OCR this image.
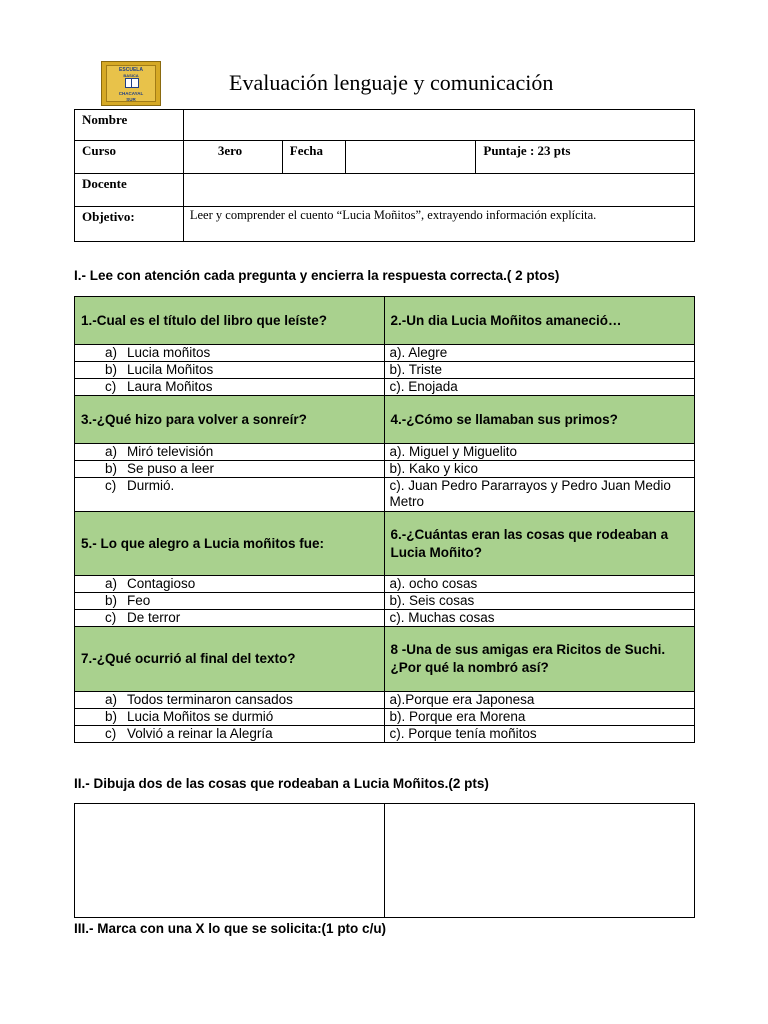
ESCUELA
BASICA
CHACAYAL
SUR
Evaluación lenguaje y comunicación
Nombre				
Curso	3ero	Fecha		Puntaje : 23 pts
Docente				
Objetivo:	Leer y comprender el cuento “Lucia Moñitos”, extrayendo información explícita.			
I.- Lee con atención cada pregunta y encierra la respuesta correcta.( 2 ptos)
1.-Cual es el título del libro que leíste?	2.-Un dia Lucia Moñitos amaneció…
a) Lucia moñitos	a). Alegre
b) Lucila Moñitos	b). Triste
c) Laura Moñitos	c). Enojada
3.-¿Qué hizo para volver a sonreír?	4.-¿Cómo se llamaban sus primos?
a) Miró televisión	a). Miguel y Miguelito
b) Se puso a leer	b). Kako y kico
c) Durmió.	c). Juan Pedro Pararrayos y Pedro Juan Medio Metro
5.- Lo que alegro a Lucia moñitos fue:	6.-¿Cuántas eran las cosas que rodeaban a Lucia Moñito?
a) Contagioso	a). ocho cosas
b) Feo	b). Seis cosas
c) De terror	c). Muchas cosas
7.-¿Qué ocurrió al final del texto?	8 -Una de sus amigas era Ricitos de Suchi. ¿Por qué la nombró así?
a) Todos terminaron cansados	a).Porque era Japonesa
b) Lucia Moñitos se durmió	b). Porque era Morena
c) Volvió a reinar la Alegría	c). Porque tenía moñitos
II.- Dibuja dos de las cosas que rodeaban a Lucia Moñitos.(2 pts)

III.- Marca con una X lo que se solicita:(1 pto c/u)
